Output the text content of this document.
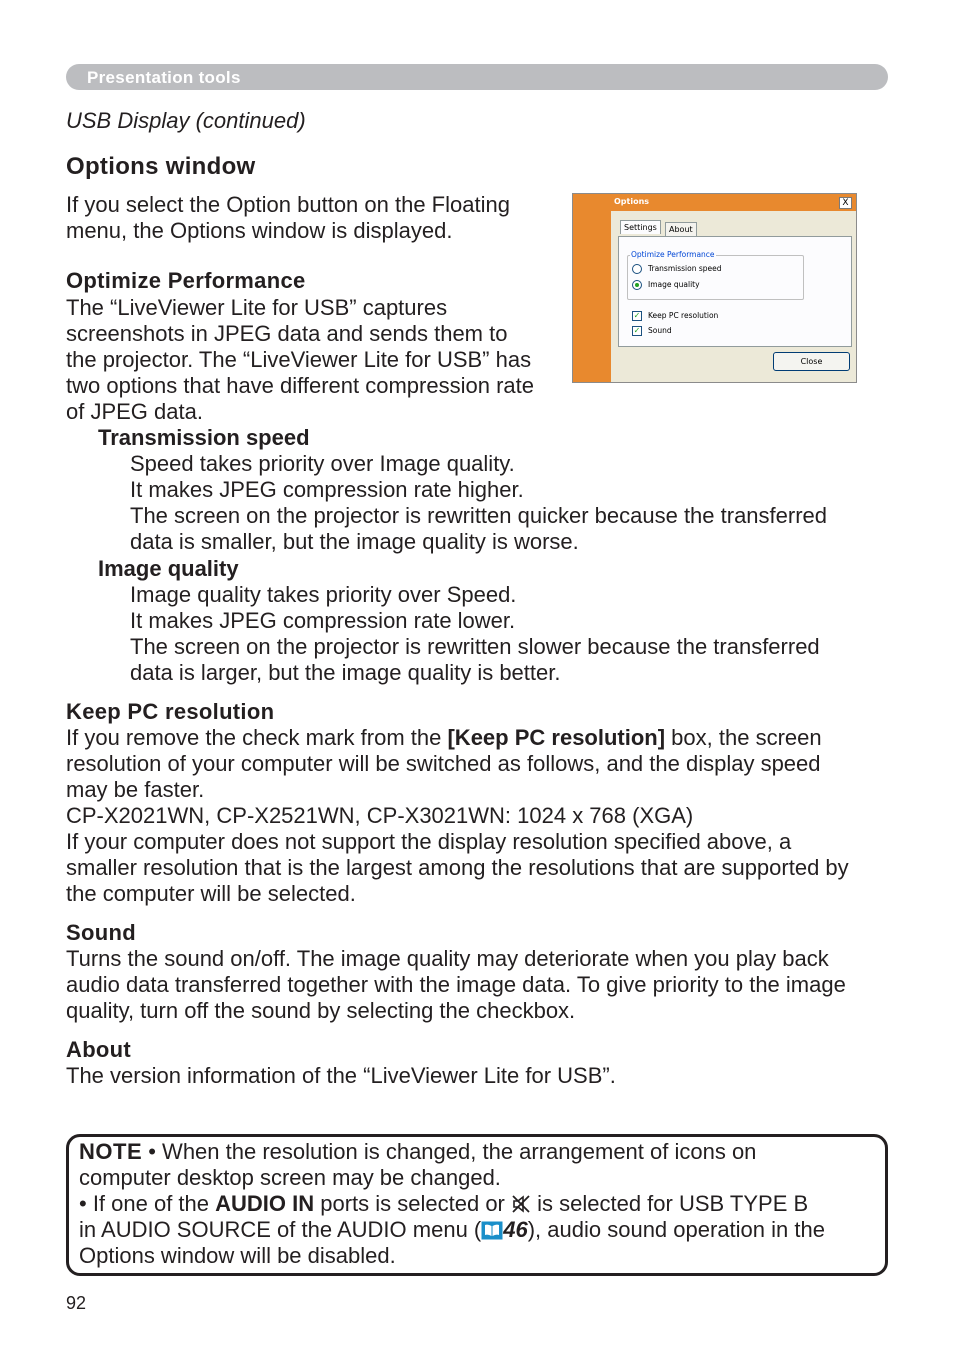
Presentation tools
USB Display (continued)
Options window
If you select the Option button on the Floating
menu, the Options window is displayed.
Options	X
Settings	About
Optimize Performance
Transmission speed
Image quality
✓ Keep PC resolution
✓ Sound
Close
Optimize Performance
The “LiveViewer Lite for USB” captures
screenshots in JPEG data and sends them to
the projector. The “LiveViewer Lite for USB” has
two options that have different compression rate
of JPEG data.
Transmission speed
Speed takes priority over Image quality.
It makes JPEG compression rate higher.
The screen on the projector is rewritten quicker because the transferred
data is smaller, but the image quality is worse.
Image quality
Image quality takes priority over Speed.
It makes JPEG compression rate lower.
The screen on the projector is rewritten slower because the transferred
data is larger, but the image quality is better.
Keep PC resolution
If you remove the check mark from the [Keep PC resolution] box, the screen
resolution of your computer will be switched as follows, and the display speed
may be faster.
CP-X2021WN, CP-X2521WN, CP-X3021WN: 1024 x 768 (XGA)
If your computer does not support the display resolution specified above, a
smaller resolution that is the largest among the resolutions that are supported by
the computer will be selected.
Sound
Turns the sound on/off. The image quality may deteriorate when you play back
audio data transferred together with the image data. To give priority to the image
quality, turn off the sound by selecting the checkbox.
About
The version information of the “LiveViewer Lite for USB”.
NOTE • When the resolution is changed, the arrangement of icons on
computer desktop screen may be changed.
• If one of the AUDIO IN ports is selected or  is selected for USB TYPE B
in AUDIO SOURCE of the AUDIO menu ( 46), audio sound operation in the
Options window will be disabled.
92
